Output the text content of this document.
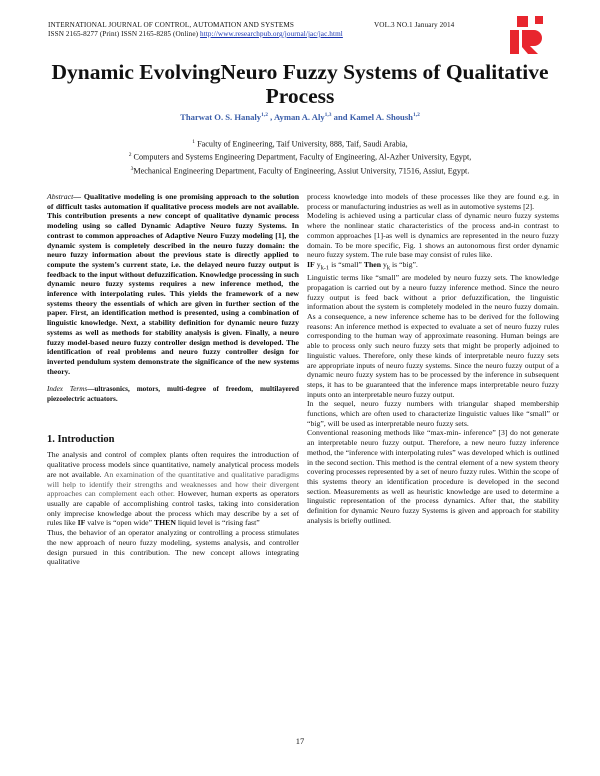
INTERNATIONAL JOURNAL OF CONTROL, AUTOMATION AND SYSTEMS	VOL.3 NO.1 January 2014
ISSN 2165-8277 (Print) ISSN 2165-8285 (Online) http://www.researchpub.org/journal/jac/jac.html
Dynamic EvolvingNeuro Fuzzy Systems of Qualitative Process
Tharwat O. S. Hanaly$^{1,2}$ , Ayman A. Aly$^{1,3}$ and Kamel A. Shoush$^{1,2}$
$^1$ Faculty of Engineering, Taif University, 888, Taif, Saudi Arabia,
$^2$ Computers and Systems Engineering Department, Faculty of Engineering, Al-Azher University, Egypt,
$^3$Mechanical Engineering Department, Faculty of Engineering, Assiut University, 71516, Assiut, Egypt.

Abstract— Qualitative modeling is one promising approach to the solution of difficult tasks automation if qualitative process models are not available. This contribution presents a new concept of qualitative dynamic process modeling using so called Dynamic Adaptive Neuro fuzzy Systems. In contrast to common approaches of Adaptive Neuro Fuzzy modeling [1], the dynamic system is completely described in the neuro fuzzy domain: the neuro fuzzy information about the previous state is directly applied to compute the system’s current state, i.e. the delayed neuro fuzzy output is feedback to the input without defuzzification. Knowledge processing in such dynamic neuro fuzzy systems requires a new inference method, the inference with interpolating rules. This yields the framework of a new systems theory the essentials of which are given in further section of the paper. First, an identification method is presented, using a combination of linguistic knowledge. Next, a stability definition for dynamic neuro fuzzy systems as well as methods for stability analysis is given. Finally, a neuro fuzzy model-based neuro fuzzy controller design method is developed. The identification of real problems and neuro fuzzy controller design for inverted pendulum system demonstrate the significance of the new systems theory.

Index Terms—ultrasonics, motors, multi-degree of freedom, multilayered piezoelectric actuators.

1. Introduction

The analysis and control of complex plants often requires the introduction of qualitative process models since quantitative, namely analytical process models are not available. An examination of the quantitative and qualitative paradigms will help to identify their strengths and weaknesses and how their divergent approaches can complement each other. However, human experts as operators usually are capable of accomplishing control tasks, taking into consideration only imprecise knowledge about the process which may describe by a set of rules like IF valve is “open wide” THEN liquid level is “rising fast”

Thus, the behavior of an operator analyzing or controlling a process stimulates the new approach of neuro fuzzy modeling, systems analysis, and controller design pursued in this contribution. The new concept allows integrating qualitative

process knowledge into models of these processes like they are found e.g. in process or manufacturing industries as well as in automotive systems [2].

Modeling is achieved using a particular class of dynamic neuro fuzzy systems where the nonlinear static characteristics of the process and-in contrast to common approaches [1]-as well is dynamics are represented in the neuro fuzzy domain. To be more specific, Fig. 1 shows an autonomous first order dynamic neuro fuzzy system. The rule base may consist of rules like.

IF $y_{k-1}$ is “small” Then $y_k$ is “big”.

Linguistic terms like “small” are modeled by neuro fuzzy sets. The knowledge propagation is carried out by a neuro fuzzy inference method. Since the neuro fuzzy output is feed back without a prior defuzzification, the linguistic information about the system is completely modeled in the neuro fuzzy domain. As a consequence, a new inference scheme has to be derived for the following reasons: An inference method is expected to evaluate a set of neuro fuzzy rules corresponding to the human way of approximate reasoning. Human beings are able to process only such neuro fuzzy sets that might be properly adjoined to linguistic values. Therefore, only these kinds of interpretable neuro fuzzy sets are appropriate inputs of neuro fuzzy systems. Since the neuro fuzzy output of a dynamic neuro fuzzy system has to be processed by the inference in subsequent steps, it has to be guaranteed that the inference maps interpretable neuro fuzzy inputs onto an interpretable neuro fuzzy output.

In the sequel, neuro fuzzy numbers with triangular shaped membership functions, which are often used to characterize linguistic values like “small” or “big”, will be used as interpretable neuro fuzzy sets.

Conventional reasoning methods like “max-min- inference” [3] do not generate an interpretable neuro fuzzy output. Therefore, a new neuro fuzzy inference method, the “inference with interpolating rules” was developed which is outlined in the second section. This method is the central element of a new system theory covering processes represented by a set of neuro fuzzy rules. Within the scope of this systems theory an identification procedure is developed in the second section. Measurements as well as heuristic knowledge are used to determine a linguistic representation of the process dynamics. After that, the stability definition for dynamic Neuro fuzzy Systems is given and approach for stability analysis is briefly outlined.

17
